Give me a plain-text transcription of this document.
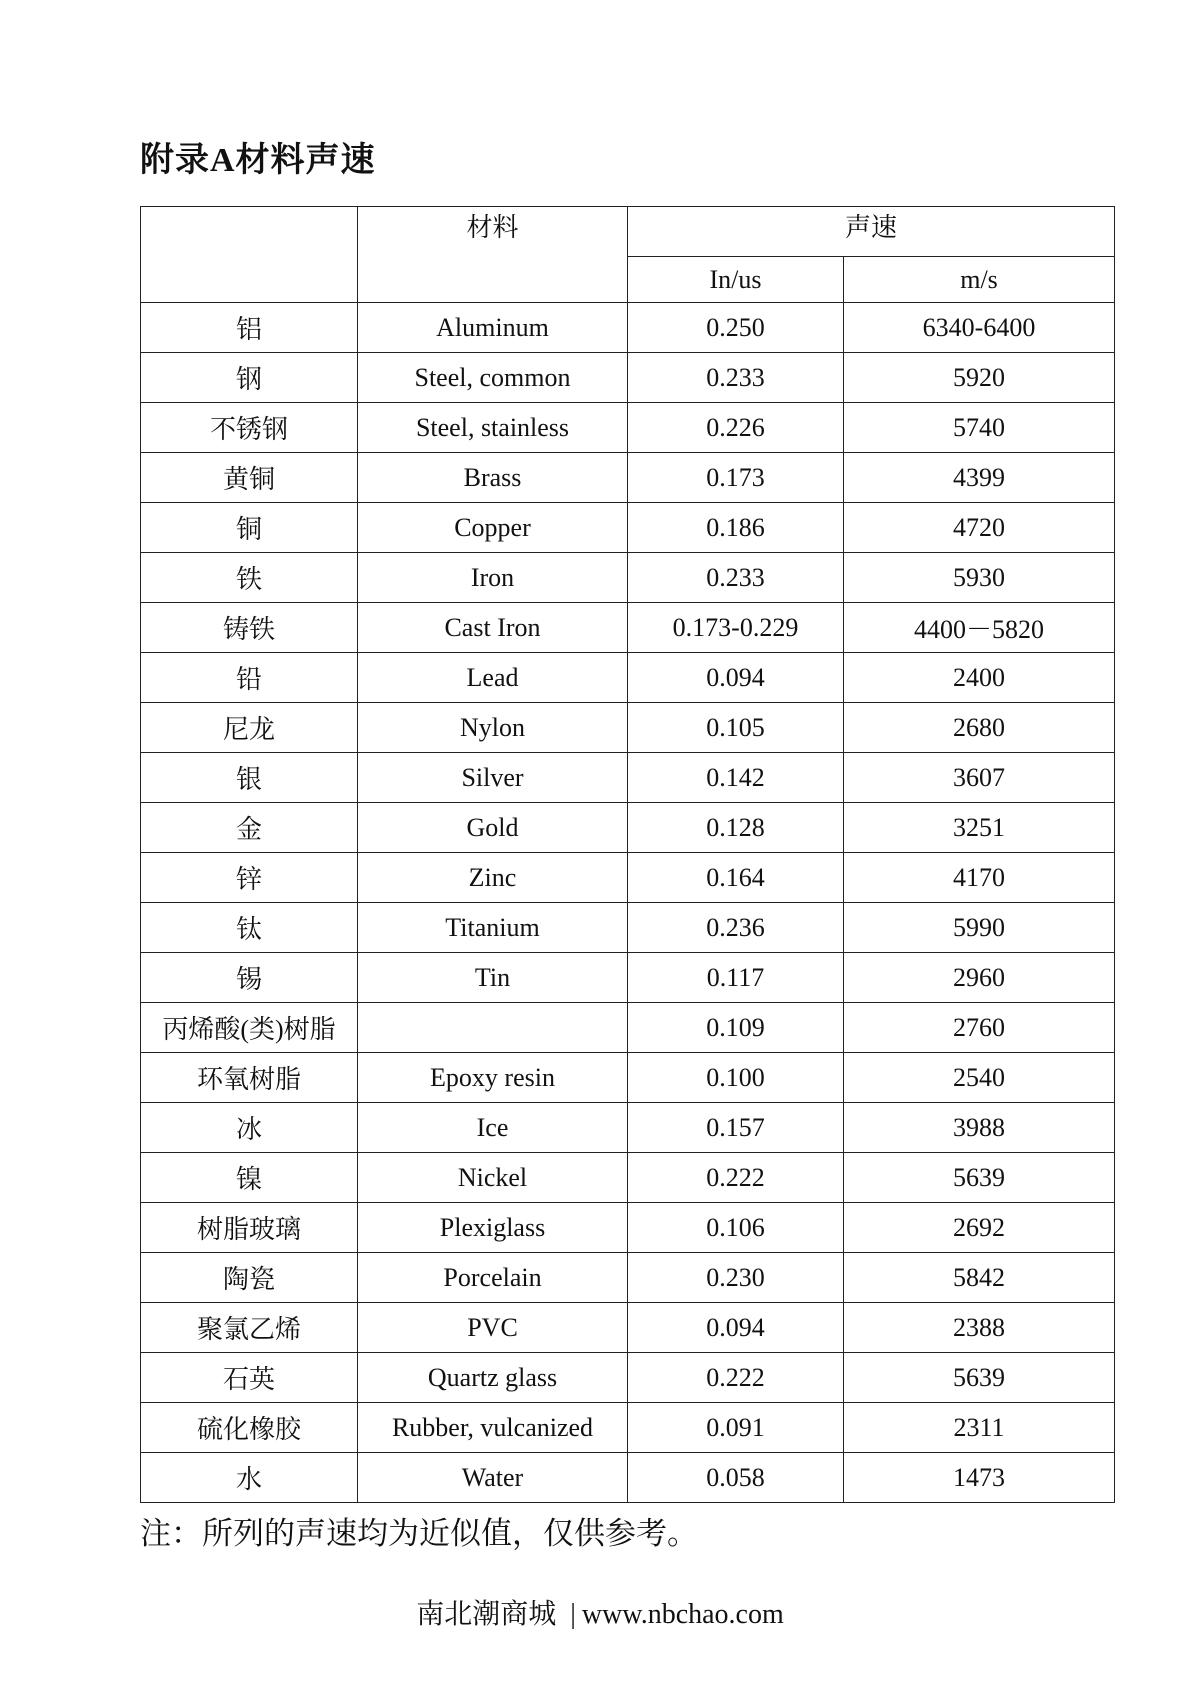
附录A材料声速
	材料	声速	
		In/us	m/s
铝	Aluminum	0.250	6340-6400
钢	Steel, common	0.233	5920
不锈钢	Steel, stainless	0.226	5740
黄铜	Brass	0.173	4399
铜	Copper	0.186	4720
铁	Iron	0.233	5930
铸铁	Cast Iron	0.173-0.229	4400－5820
铅	Lead	0.094	2400
尼龙	Nylon	0.105	2680
银	Silver	0.142	3607
金	Gold	0.128	3251
锌	Zinc	0.164	4170
钛	Titanium	0.236	5990
锡	Tin	0.117	2960
丙烯酸(类)树脂		0.109	2760
环氧树脂	Epoxy resin	0.100	2540
冰	Ice	0.157	3988
镍	Nickel	0.222	5639
树脂玻璃	Plexiglass	0.106	2692
陶瓷	Porcelain	0.230	5842
聚氯乙烯	PVC	0.094	2388
石英	Quartz glass	0.222	5639
硫化橡胶	Rubber, vulcanized	0.091	2311
水	Water	0.058	1473
注：所列的声速均为近似值，仅供参考。
南北潮商城 | www.nbchao.com
